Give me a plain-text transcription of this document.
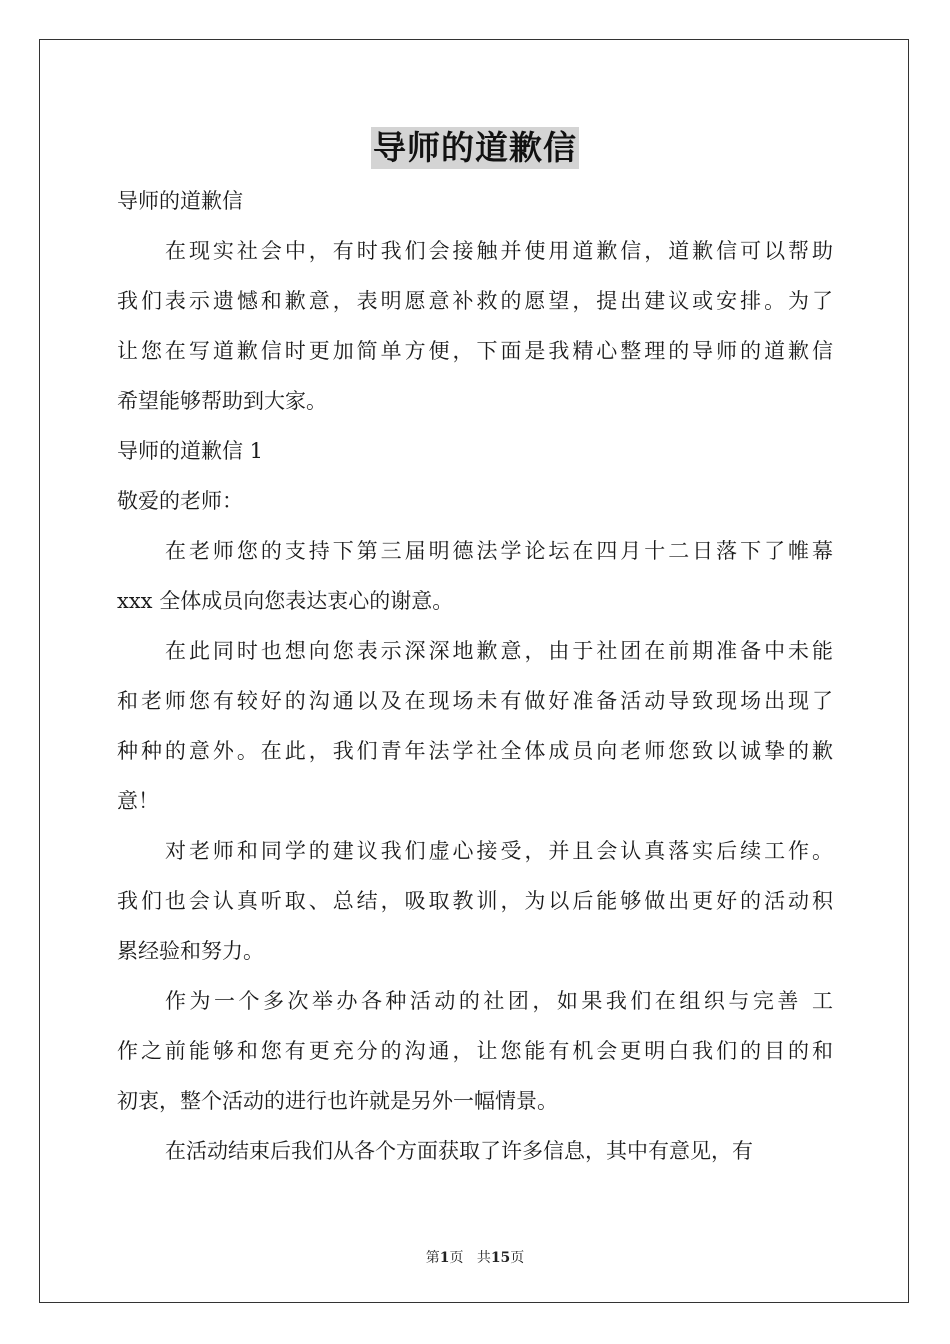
导师的道歉信
导师的道歉信
在现实社会中，有时我们会接触并使用道歉信，道歉信可以帮助
我们表示遗憾和歉意，表明愿意补救的愿望，提出建议或安排。为了
让您在写道歉信时更加简单方便，下面是我精心整理的导师的道歉信
希望能够帮助到大家。
导师的道歉信 1
敬爱的老师：
在老师您的支持下第三届明德法学论坛在四月十二日落下了帷幕
xxx 全体成员向您表达衷心的谢意。
在此同时也想向您表示深深地歉意，由于社团在前期准备中未能
和老师您有较好的沟通以及在现场未有做好准备活动导致现场出现了
种种的意外。在此，我们青年法学社全体成员向老师您致以诚挚的歉
意！
对老师和同学的建议我们虚心接受，并且会认真落实后续工作。
我们也会认真听取、总结，吸取教训，为以后能够做出更好的活动积
累经验和努力。
作为一个多次举办各种活动的社团，如果我们在组织与完善 工
作之前能够和您有更充分的沟通，让您能有机会更明白我们的目的和
初衷，整个活动的进行也许就是另外一幅情景。
在活动结束后我们从各个方面获取了许多信息，其中有意见，有
第1页 共15页
